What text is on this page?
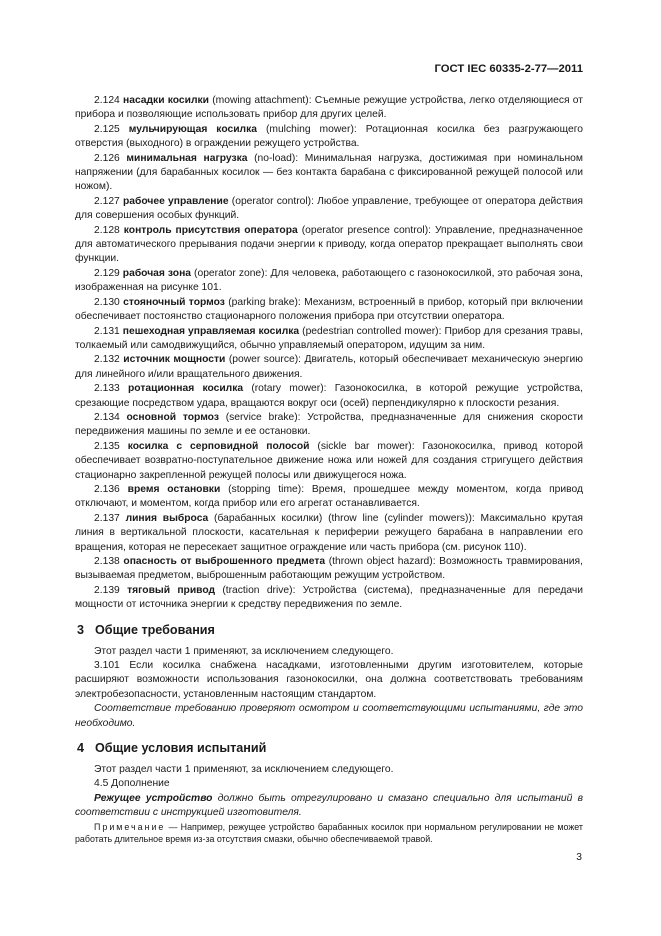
ГОСТ IEC 60335-2-77—2011

2.124 насадки косилки (mowing attachment): Съемные режущие устройства, легко отделяющиеся от прибора и позволяющие использовать прибор для других целей.

2.125 мульчирующая косилка (mulching mower): Ротационная косилка без разгружающего отверстия (выходного) в ограждении режущего устройства.

2.126 минимальная нагрузка (no-load): Минимальная нагрузка, достижимая при номинальном напряжении (для барабанных косилок — без контакта барабана с фиксированной режущей полосой или ножом).

2.127 рабочее управление (operator control): Любое управление, требующее от оператора действия для совершения особых функций.

2.128 контроль присутствия оператора (operator presence control): Управление, предназначенное для автоматического прерывания подачи энергии к приводу, когда оператор прекращает выполнять свои функции.

2.129 рабочая зона (operator zone): Для человека, работающего с газонокосилкой, это рабочая зона, изображенная на рисунке 101.

2.130 стояночный тормоз (parking brake): Механизм, встроенный в прибор, который при включении обеспечивает постоянство стационарного положения прибора при отсутствии оператора.

2.131 пешеходная управляемая косилка (pedestrian controlled mower): Прибор для срезания травы, толкаемый или самодвижущийся, обычно управляемый оператором, идущим за ним.

2.132 источник мощности (power source): Двигатель, который обеспечивает механическую энергию для линейного и/или вращательного движения.

2.133 ротационная косилка (rotary mower): Газонокосилка, в которой режущие устройства, срезающие посредством удара, вращаются вокруг оси (осей) перпендикулярно к плоскости резания.

2.134 основной тормоз (service brake): Устройства, предназначенные для снижения скорости передвижения машины по земле и ее остановки.

2.135 косилка с серповидной полосой (sickle bar mower): Газонокосилка, привод которой обеспечивает возвратно-поступательное движение ножа или ножей для создания стригущего действия стационарно закрепленной режущей полосы или движущегося ножа.

2.136 время остановки (stopping time): Время, прошедшее между моментом, когда привод отключают, и моментом, когда прибор или его агрегат останавливается.

2.137 линия выброса (барабанных косилки) (throw line (cylinder mowers)): Максимально крутая линия в вертикальной плоскости, касательная к периферии режущего барабана в направлении его вращения, которая не пересекает защитное ограждение или часть прибора (см. рисунок 110).

2.138 опасность от выброшенного предмета (thrown object hazard): Возможность травмирования, вызываемая предметом, выброшенным работающим режущим устройством.

2.139 тяговый привод (traction drive): Устройства (система), предназначенные для передачи мощности от источника энергии к средству передвижения по земле.

3 Общие требования

Этот раздел части 1 применяют, за исключением следующего.

3.101 Если косилка снабжена насадками, изготовленными другим изготовителем, которые расширяют возможности использования газонокосилки, она должна соответствовать требованиям электробезопасности, установленным настоящим стандартом.

Соответствие требованию проверяют осмотром и соответствующими испытаниями, где это необходимо.

4 Общие условия испытаний

Этот раздел части 1 применяют, за исключением следующего.

4.5 Дополнение

Режущее устройство должно быть отрегулировано и смазано специально для испытаний в соответствии с инструкцией изготовителя.

Примечание — Например, режущее устройство барабанных косилок при нормальном регулировании не может работать длительное время из-за отсутствия смазки, обычно обеспечиваемой травой.

3
